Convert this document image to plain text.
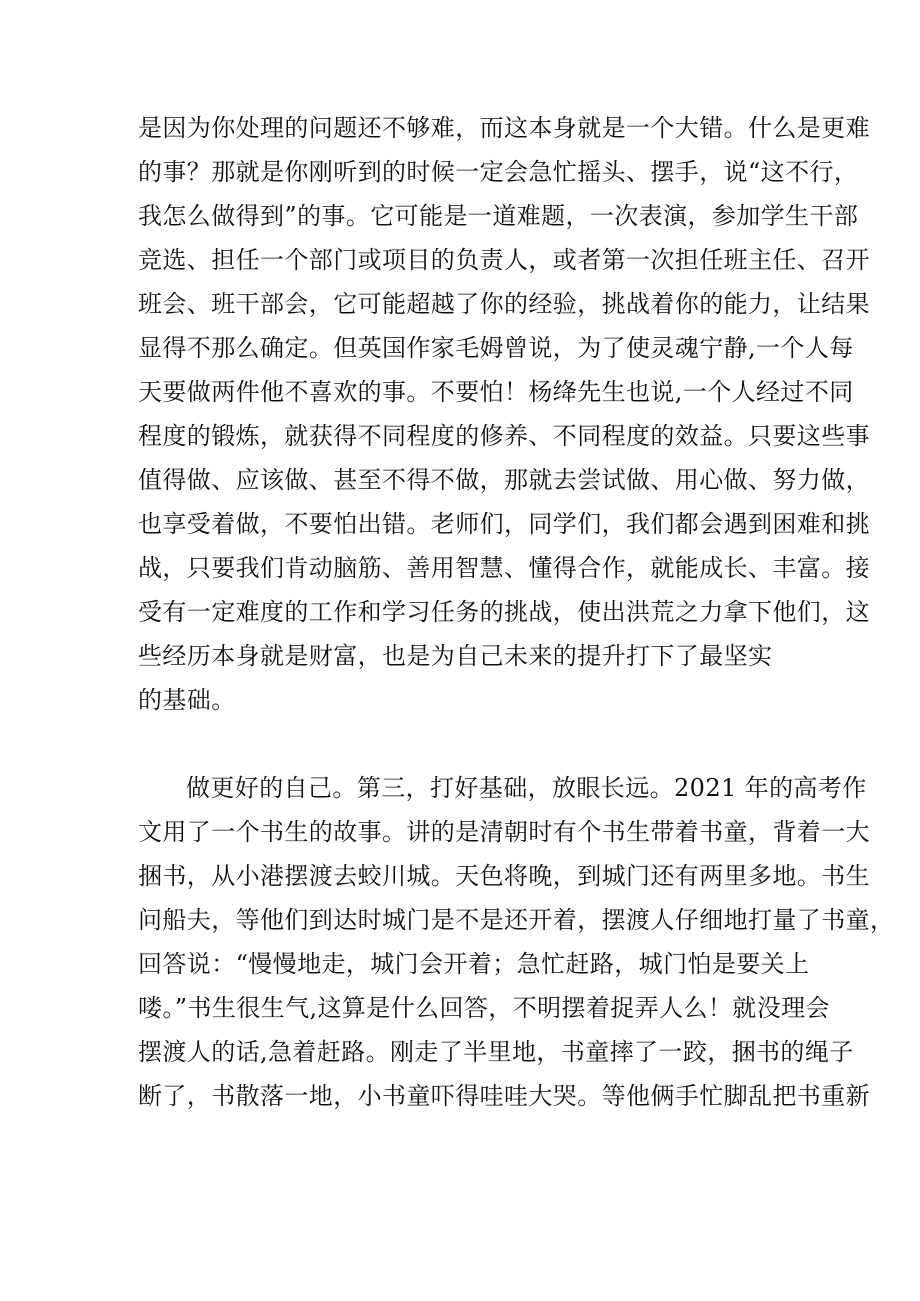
是因为你处理的问题还不够难，而这本身就是一个大错。什么是更难
的事？那就是你刚听到的时候一定会急忙摇头、摆手，说“这不行，
我怎么做得到”的事。它可能是一道难题，一次表演，参加学生干部
竞选、担任一个部门或项目的负责人，或者第一次担任班主任、召开
班会、班干部会，它可能超越了你的经验，挑战着你的能力，让结果
显得不那么确定。但英国作家毛姆曾说，为了使灵魂宁静,一个人每
天要做两件他不喜欢的事。不要怕！杨绛先生也说,一个人经过不同
程度的锻炼，就获得不同程度的修养、不同程度的效益。只要这些事
值得做、应该做、甚至不得不做，那就去尝试做、用心做、努力做，
也享受着做，不要怕出错。老师们，同学们，我们都会遇到困难和挑
战，只要我们肯动脑筋、善用智慧、懂得合作，就能成长、丰富。接
受有一定难度的工作和学习任务的挑战，使出洪荒之力拿下他们，这
些经历本身就是财富，也是为自己未来的提升打下了最坚实
的基础。
做更好的自己。第三，打好基础，放眼长远。2021 年的高考作
文用了一个书生的故事。讲的是清朝时有个书生带着书童，背着一大
捆书，从小港摆渡去蛟川城。天色将晚，到城门还有两里多地。书生
问船夫，等他们到达时城门是不是还开着，摆渡人仔细地打量了书童，
回答说：“慢慢地走，城门会开着；急忙赶路，城门怕是要关上
喽。”书生很生气,这算是什么回答，不明摆着捉弄人么！就没理会
摆渡人的话,急着赶路。刚走了半里地，书童摔了一跤，捆书的绳子
断了，书散落一地，小书童吓得哇哇大哭。等他俩手忙脚乱把书重新
